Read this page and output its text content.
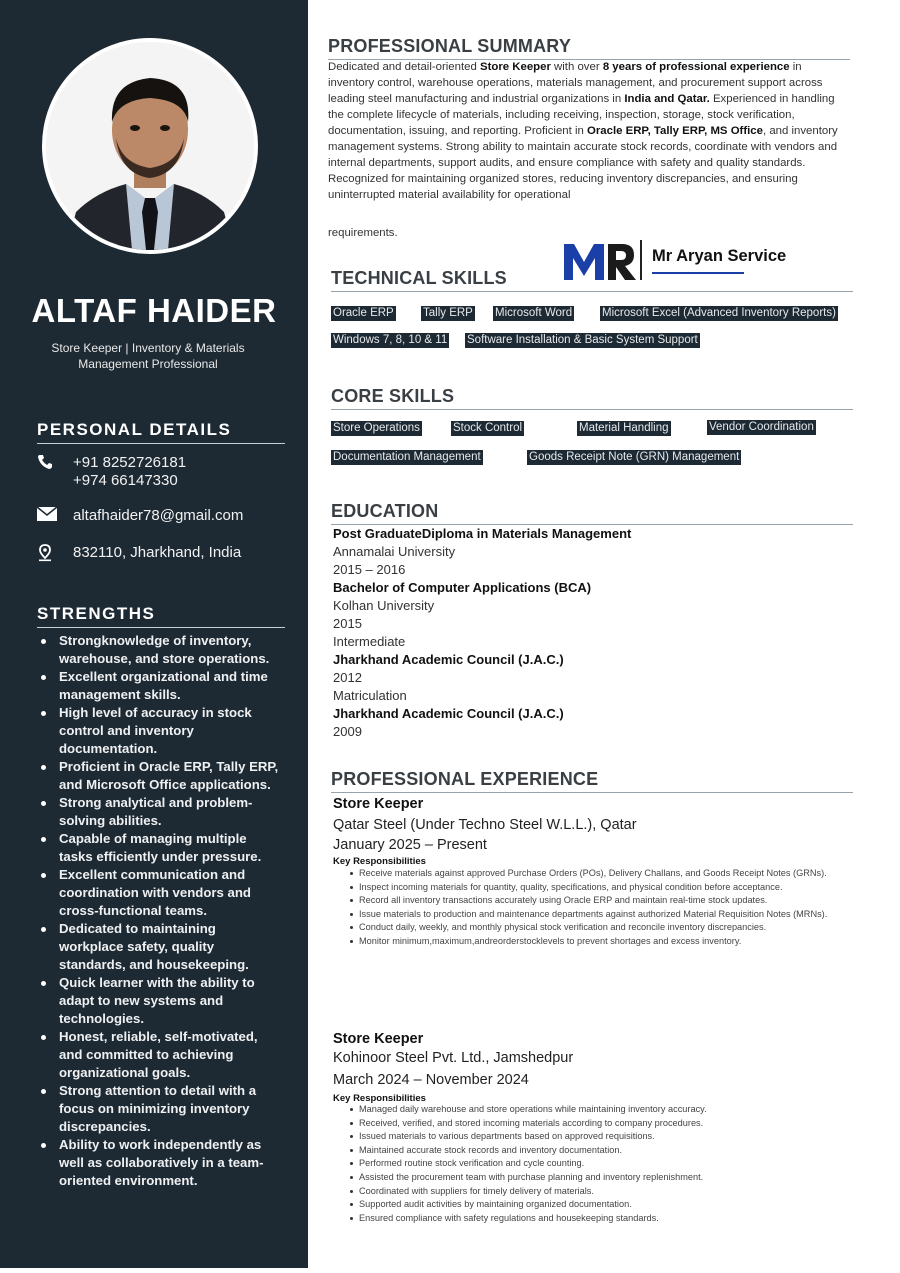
ALTAF HAIDER
Store Keeper | Inventory & Materials
Management Professional
PERSONAL DETAILS
+91 8252726181
+974 66147330
altafhaider78@gmail.com
832110, Jharkhand, India
STRENGTHS
Strongknowledge of inventory, warehouse, and store operations.
Excellent organizational and time management skills.
High level of accuracy in stock control and inventory documentation.
Proficient in Oracle ERP, Tally ERP, and Microsoft Office applications.
Strong analytical and problem-solving abilities.
Capable of managing multiple tasks efficiently under pressure.
Excellent communication and coordination with vendors and cross-functional teams.
Dedicated to maintaining workplace safety, quality standards, and housekeeping.
Quick learner with the ability to adapt to new systems and technologies.
Honest, reliable, self-motivated, and committed to achieving organizational goals.
Strong attention to detail with a focus on minimizing inventory discrepancies.
Ability to work independently as well as collaboratively in a team-oriented environment.
PROFESSIONAL SUMMARY
Dedicated and detail-oriented Store Keeper with over 8 years of professional experience in inventory control, warehouse operations, materials management, and procurement support across leading steel manufacturing and industrial organizations in India and Qatar. Experienced in handling the complete lifecycle of materials, including receiving, inspection, storage, stock verification, documentation, issuing, and reporting. Proficient in Oracle ERP, Tally ERP, MS Office, and inventory management systems. Strong ability to maintain accurate stock records, coordinate with vendors and internal departments, support audits, and ensure compliance with safety and quality standards. Recognized for maintaining organized stores, reducing inventory discrepancies, and ensuring uninterrupted material availability for operational
requirements.
TECHNICAL SKILLS
Oracle ERP	Tally ERP Microsoft Word	Microsoft Excel (Advanced Inventory Reports)
Windows 7, 8, 10 & 11 Software Installation & Basic System Support
CORE SKILLS
Store Operations	Stock Control	Material Handling	Vendor Coordination
Documentation Management	Goods Receipt Note (GRN) Management
EDUCATION
Post GraduateDiploma in Materials Management
Annamalai University
2015 – 2016
Bachelor of Computer Applications (BCA)
Kolhan University
2015
Intermediate
Jharkhand Academic Council (J.A.C.)
2012
Matriculation
Jharkhand Academic Council (J.A.C.)
2009
PROFESSIONAL EXPERIENCE
Store Keeper
Qatar Steel (Under Techno Steel W.L.L.), Qatar
January 2025 – Present
Key Responsibilities
Receive materials against approved Purchase Orders (POs), Delivery Challans, and Goods Receipt Notes (GRNs).
Inspect incoming materials for quantity, quality, specifications, and physical condition before acceptance.
Record all inventory transactions accurately using Oracle ERP and maintain real-time stock updates.
Issue materials to production and maintenance departments against authorized Material Requisition Notes (MRNs).
Conduct daily, weekly, and monthly physical stock verification and reconcile inventory discrepancies.
Monitor minimum,maximum,andreorderstocklevels to prevent shortages and excess inventory.
Store Keeper
Kohinoor Steel Pvt. Ltd., Jamshedpur
March 2024 – November 2024
Key Responsibilities
Managed daily warehouse and store operations while maintaining inventory accuracy.
Received, verified, and stored incoming materials according to company procedures.
Issued materials to various departments based on approved requisitions.
Maintained accurate stock records and inventory documentation.
Performed routine stock verification and cycle counting.
Assisted the procurement team with purchase planning and inventory replenishment.
Coordinated with suppliers for timely delivery of materials.
Supported audit activities by maintaining organized documentation.
Ensured compliance with safety regulations and housekeeping standards.
Mr Aryan Service
